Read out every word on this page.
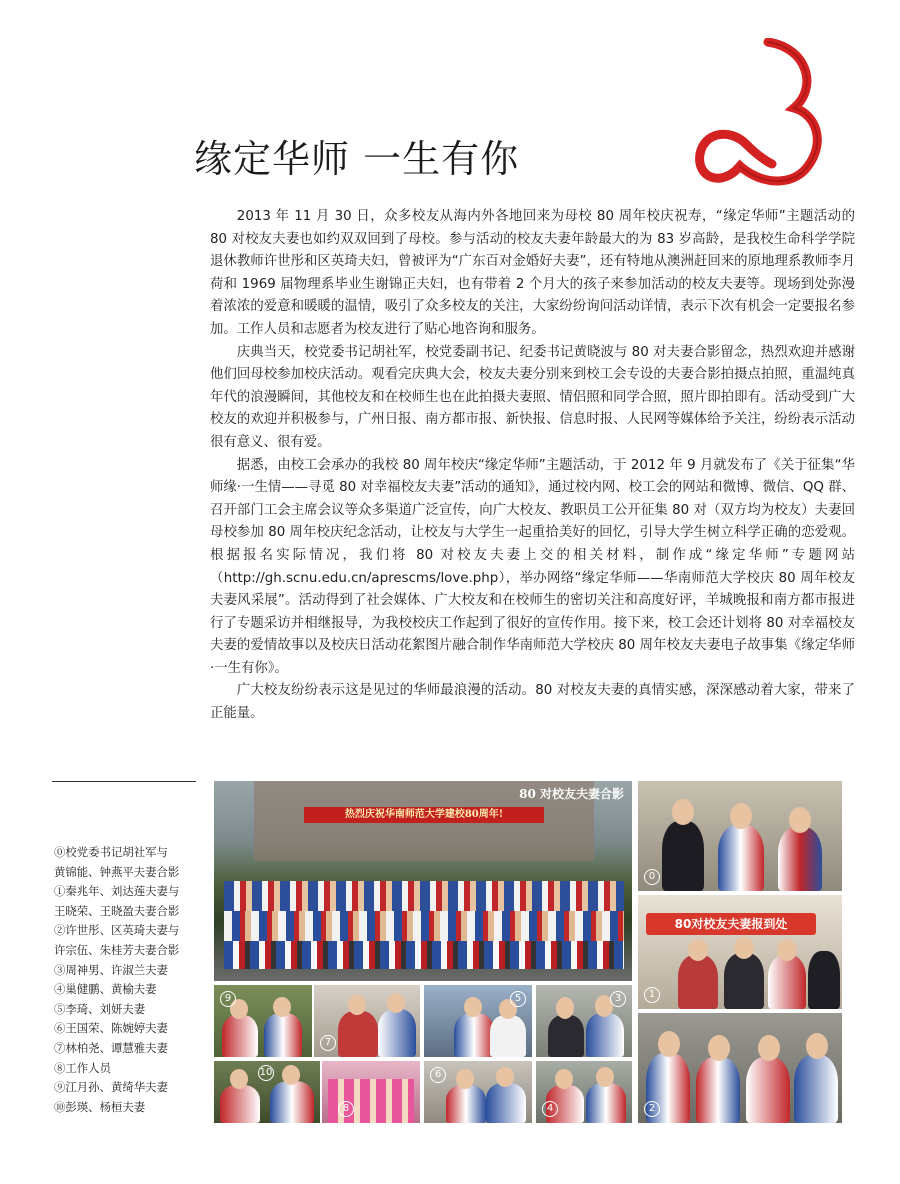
缘定华师 一生有你

2013 年 11 月 30 日，众多校友从海内外各地回来为母校 80 周年校庆祝寿，“缘定华师”主题活动的 80 对校友夫妻也如约双双回到了母校。参与活动的校友夫妻年龄最大的为 83 岁高龄，是我校生命科学学院退休教师许世彤和区英琦夫妇，曾被评为“广东百对金婚好夫妻”，还有特地从澳洲赶回来的原地理系教师李月荷和 1969 届物理系毕业生谢锦正夫妇，也有带着 2 个月大的孩子来参加活动的校友夫妻等。现场到处弥漫着浓浓的爱意和暖暖的温情，吸引了众多校友的关注，大家纷纷询问活动详情，表示下次有机会一定要报名参加。工作人员和志愿者为校友进行了贴心地咨询和服务。

庆典当天，校党委书记胡社军，校党委副书记、纪委书记黄晓波与 80 对夫妻合影留念，热烈欢迎并感谢他们回母校参加校庆活动。观看完庆典大会，校友夫妻分别来到校工会专设的夫妻合影拍摄点拍照，重温纯真年代的浪漫瞬间，其他校友和在校师生也在此拍摄夫妻照、情侣照和同学合照，照片即拍即有。活动受到广大校友的欢迎并积极参与，广州日报、南方都市报、新快报、信息时报、人民网等媒体给予关注，纷纷表示活动很有意义、很有爱。

据悉，由校工会承办的我校 80 周年校庆“缘定华师”主题活动，于 2012 年 9 月就发布了《关于征集“华师缘·一生情——寻觅 80 对幸福校友夫妻”活动的通知》，通过校内网、校工会的网站和微博、微信、QQ 群、召开部门工会主席会议等众多渠道广泛宣传，向广大校友、教职员工公开征集 80 对（双方均为校友）夫妻回母校参加 80 周年校庆纪念活动，让校友与大学生一起重拾美好的回忆，引导大学生树立科学正确的恋爱观。根据报名实际情况，我们将 80 对校友夫妻上交的相关材料，制作成“缘定华师”专题网站（http://gh.scnu.edu.cn/aprescms/love.php），举办网络“缘定华师——华南师范大学校庆 80 周年校友夫妻风采展”。活动得到了社会媒体、广大校友和在校师生的密切关注和高度好评，羊城晚报和南方都市报进行了专题采访并相继报导，为我校校庆工作起到了很好的宣传作用。接下来，校工会还计划将 80 对幸福校友夫妻的爱情故事以及校庆日活动花絮图片融合制作华南师范大学校庆 80 周年校友夫妻电子故事集《缘定华师·一生有你》。

广大校友纷纷表示这是见过的华师最浪漫的活动。80 对校友夫妻的真情实感，深深感动着大家，带来了正能量。

⓪校党委书记胡社军与
黄锦能、钟燕平夫妻合影
①秦兆年、刘达莲夫妻与
王晓荣、王晓盈夫妻合影
②许世彤、区英琦夫妻与
许宗伍、朱桂芳夫妻合影
③周神男、许淑兰夫妻
④巢健鹏、黄榆夫妻
⑤李琦、刘妍夫妻
⑥王国荣、陈婉婷夫妻
⑦林柏尧、谭慧雅夫妻
⑧工作人员
⑨江月孙、黄绮华夫妻
⑩彭瑛、杨桓夫妻
热烈庆祝华南师范大学建校80周年!
80 对校友夫妻合影
0
80对校友夫妻报到处
1
2
9
7
10
8
5	3
6
4
